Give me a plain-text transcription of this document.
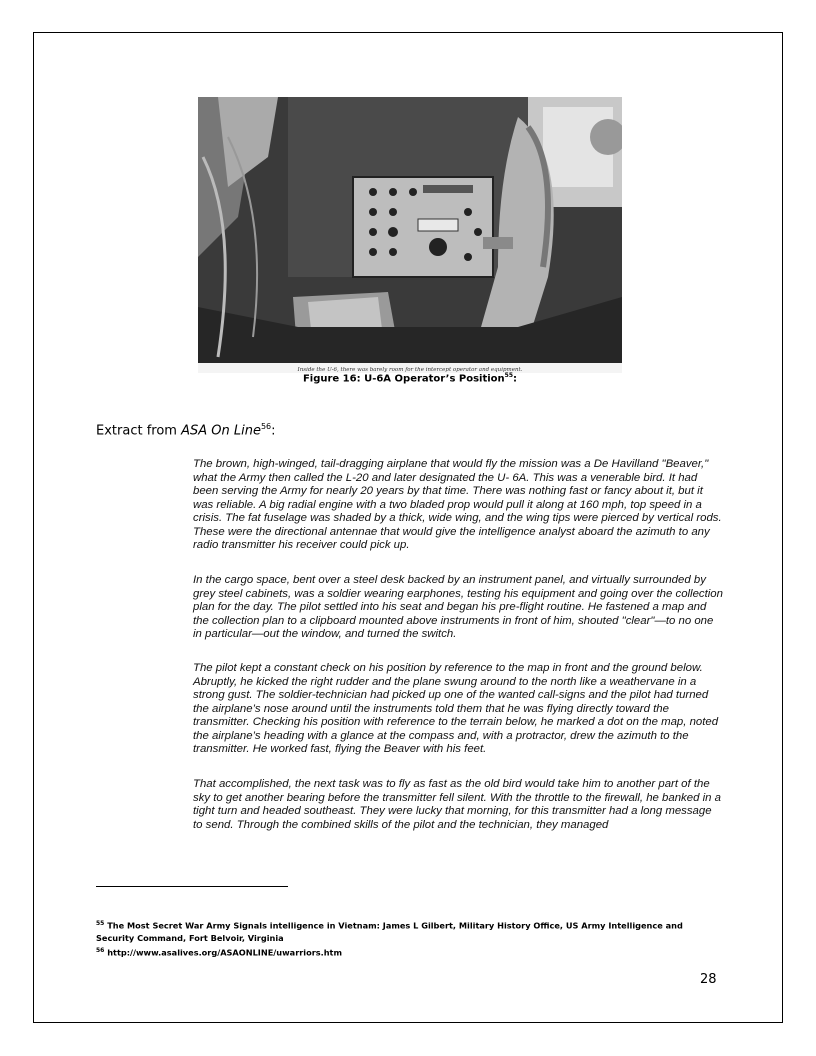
Inside the U-6, there was barely room for the intercept operator and equipment.
Figure 16: U-6A Operator’s Position$^{55}$:
Extract from ASA On Line$^{56}$:

The brown, high-winged, tail-dragging airplane that would fly the mission was a De Havilland "Beaver," what the Army then called the L-20 and later designated the U- 6A. This was a venerable bird. It had been serving the Army for nearly 20 years by that time. There was nothing fast or fancy about it, but it was reliable. A big radial engine with a two bladed prop would pull it along at 160 mph, top speed in a crisis. The fat fuselage was shaded by a thick, wide wing, and the wing tips were pierced by vertical rods. These were the directional antennae that would give the intelligence analyst aboard the azimuth to any radio transmitter his receiver could pick up.

In the cargo space, bent over a steel desk backed by an instrument panel, and virtually surrounded by grey steel cabinets, was a soldier wearing earphones, testing his equipment and going over the collection plan for the day. The pilot settled into his seat and began his pre-flight routine. He fastened a map and the collection plan to a clipboard mounted above instruments in front of him, shouted "clear"—to no one in particular—out the window, and turned the switch.

The pilot kept a constant check on his position by reference to the map in front and the ground below. Abruptly, he kicked the right rudder and the plane swung around to the north like a weathervane in a strong gust. The soldier-technician had picked up one of the wanted call-signs and the pilot had turned the airplane’s nose around until the instruments told them that he was flying directly toward the transmitter. Checking his position with reference to the terrain below, he marked a dot on the map, noted the airplane’s heading with a glance at the compass and, with a protractor, drew the azimuth to the transmitter. He worked fast, flying the Beaver with his feet.

That accomplished, the next task was to fly as fast as the old bird would take him to another part of the sky to get another bearing before the transmitter fell silent. With the throttle to the firewall, he banked in a tight turn and headed southeast. They were lucky that morning, for this transmitter had a long message to send. Through the combined skills of the pilot and the technician, they managed

$^{55}$ The Most Secret War Army Signals intelligence in Vietnam: James L Gilbert, Military History Office, US Army Intelligence and Security Command, Fort Belvoir, Virginia

$^{56}$ http://www.asalives.org/ASAONLINE/uwarriors.htm

28
